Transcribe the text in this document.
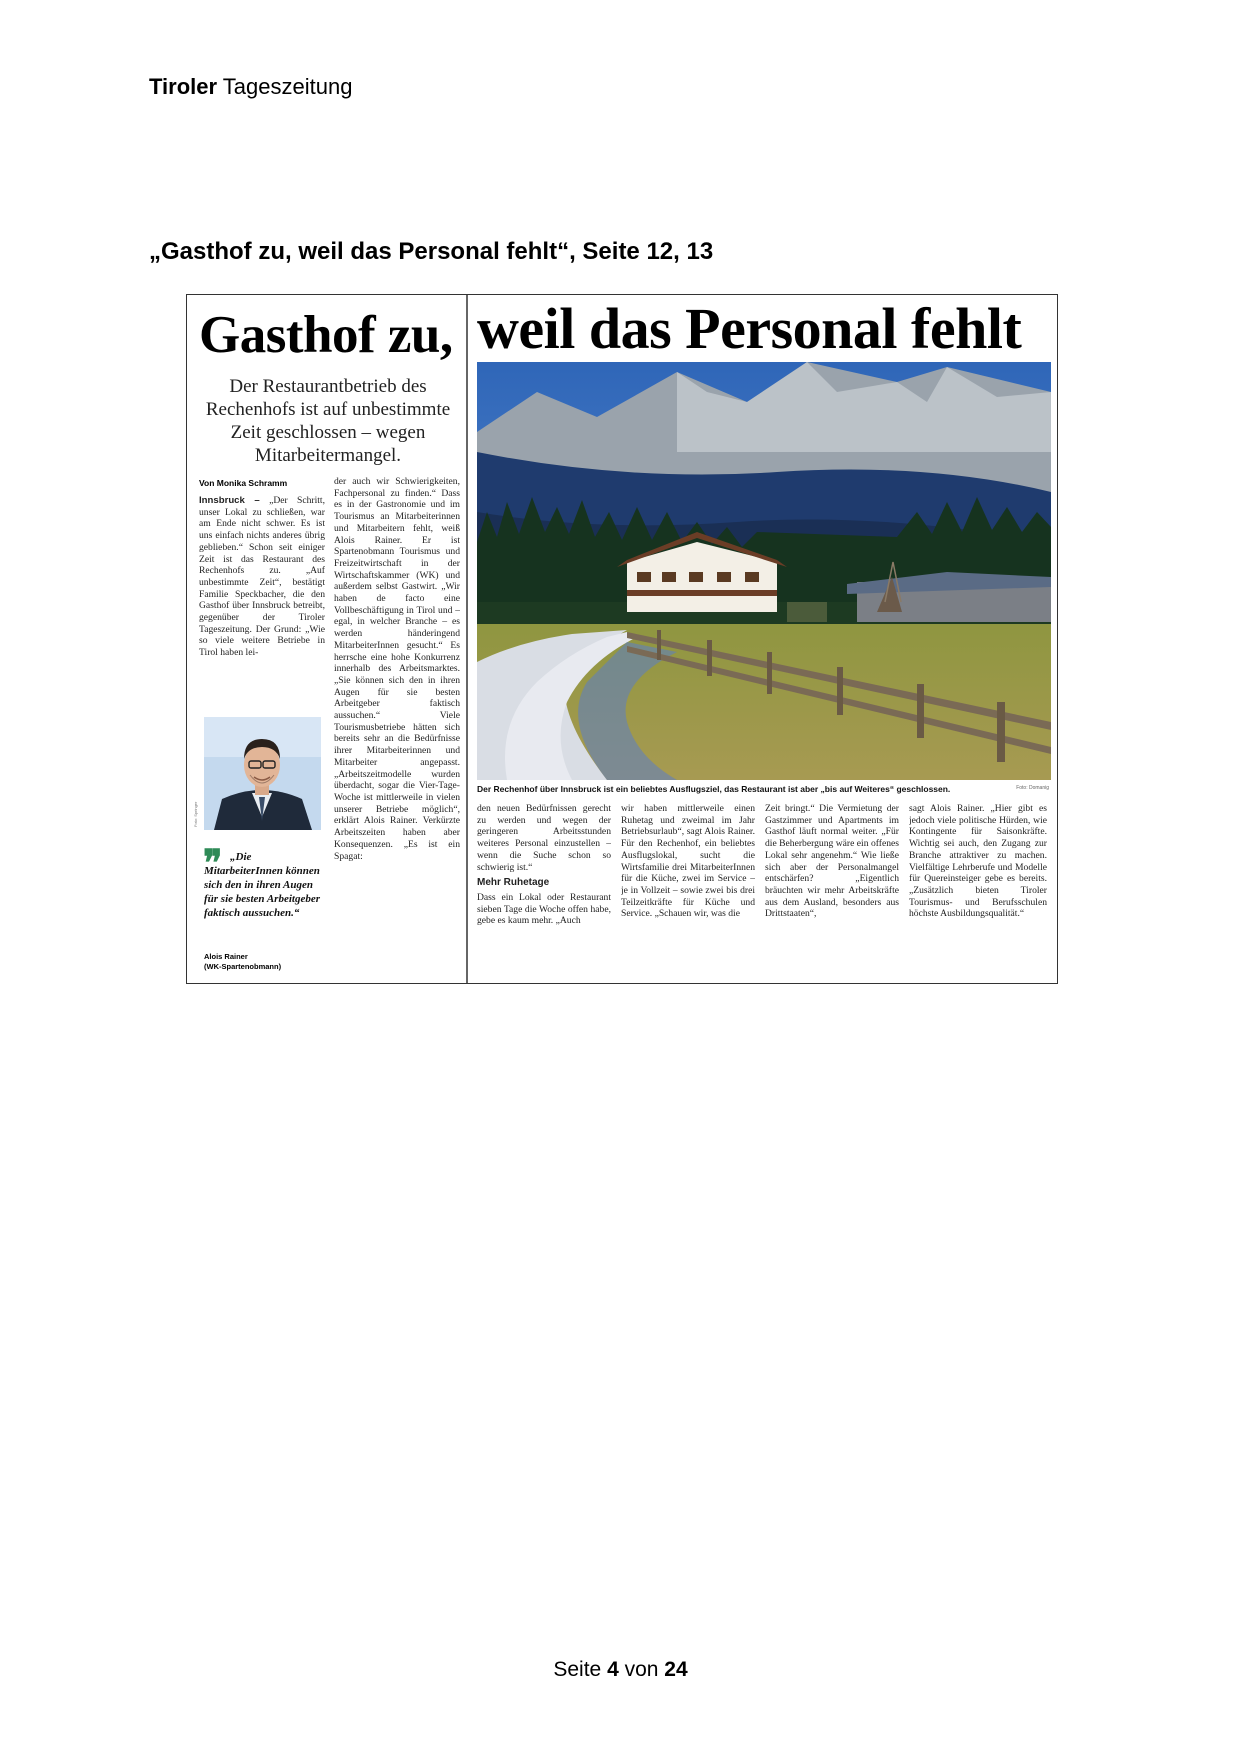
Tiroler Tageszeitung
„Gasthof zu, weil das Personal fehlt“, Seite 12, 13
Gasthof zu, weil das Personal fehlt
Der Restaurantbetrieb des Rechenhofs ist auf unbestimmte Zeit geschlossen – wegen Mitarbeitermangel.
Von Monika Schramm
Innsbruck – „Der Schritt, unser Lokal zu schließen, war am Ende nicht schwer. Es ist uns einfach nichts anderes übrig geblieben.“ Schon seit einiger Zeit ist das Restaurant des Rechenhofs zu. „Auf unbestimmte Zeit“, bestätigt Familie Speckbacher, die den Gasthof über Innsbruck betreibt, gegenüber der Tiroler Tageszeitung. Der Grund: „Wie so viele weitere Betriebe in Tirol haben lei-
der auch wir Schwierigkeiten, Fachpersonal zu finden.“ Dass es in der Gastronomie und im Tourismus an Mitarbeiterinnen und Mitarbeitern fehlt, weiß Alois Rainer. Er ist Spartenobmann Tourismus und Freizeitwirtschaft in der Wirtschaftskammer (WK) und außerdem selbst Gastwirt. „Wir haben de facto eine Vollbeschäftigung in Tirol und – egal, in welcher Branche – es werden händeringend MitarbeiterInnen gesucht.“ Es herrsche eine hohe Konkurrenz innerhalb des Arbeitsmarktes. „Sie können sich den in ihren Augen für sie besten Arbeitgeber faktisch aussuchen.“ Viele Tourismusbetriebe hätten sich bereits sehr an die Bedürfnisse ihrer Mitarbeiterinnen und Mitarbeiter angepasst. „Arbeitszeitmodelle wurden überdacht, sogar die Vier-Tage-Woche ist mittlerweile in vielen unserer Betriebe möglich“, erklärt Alois Rainer. Verkürzte Arbeitszeiten haben aber Konsequenzen. „Es ist ein Spagat:
Foto: Springer
❞ „Die MitarbeiterInnen können sich den in ihren Augen für sie besten Arbeitgeber faktisch aussuchen.“
Alois Rainer
(WK-Spartenobmann)
Der Rechenhof über Innsbruck ist ein beliebtes Ausflugsziel, das Restaurant ist aber „bis auf Weiteres“ geschlossen.	Foto: Domanig
den neuen Bedürfnissen gerecht zu werden und wegen der geringeren Arbeitsstunden weiteres Personal einzustellen – wenn die Suche schon so schwierig ist.“
Mehr Ruhetage
Dass ein Lokal oder Restaurant sieben Tage die Woche offen habe, gebe es kaum mehr. „Auch
wir haben mittlerweile einen Ruhetag und zweimal im Jahr Betriebsurlaub“, sagt Alois Rainer. Für den Rechenhof, ein beliebtes Ausflugslokal, sucht die Wirtsfamilie drei MitarbeiterInnen für die Küche, zwei im Service – je in Vollzeit – sowie zwei bis drei Teilzeitkräfte für Küche und Service. „Schauen wir, was die
Zeit bringt.“ Die Vermietung der Gastzimmer und Apartments im Gasthof läuft normal weiter. „Für die Beherbergung wäre ein offenes Lokal sehr angenehm.“ Wie ließe sich aber der Personalmangel entschärfen? „Eigentlich bräuchten wir mehr Arbeitskräfte aus dem Ausland, besonders aus Drittstaaten“,
sagt Alois Rainer. „Hier gibt es jedoch viele politische Hürden, wie Kontingente für Saisonkräfte. Wichtig sei auch, den Zugang zur Branche attraktiver zu machen. Vielfältige Lehrberufe und Modelle für Quereinsteiger gebe es bereits. „Zusätzlich bieten Tiroler Tourismus- und Berufsschulen höchste Ausbildungsqualität.“
Seite 4 von 24
